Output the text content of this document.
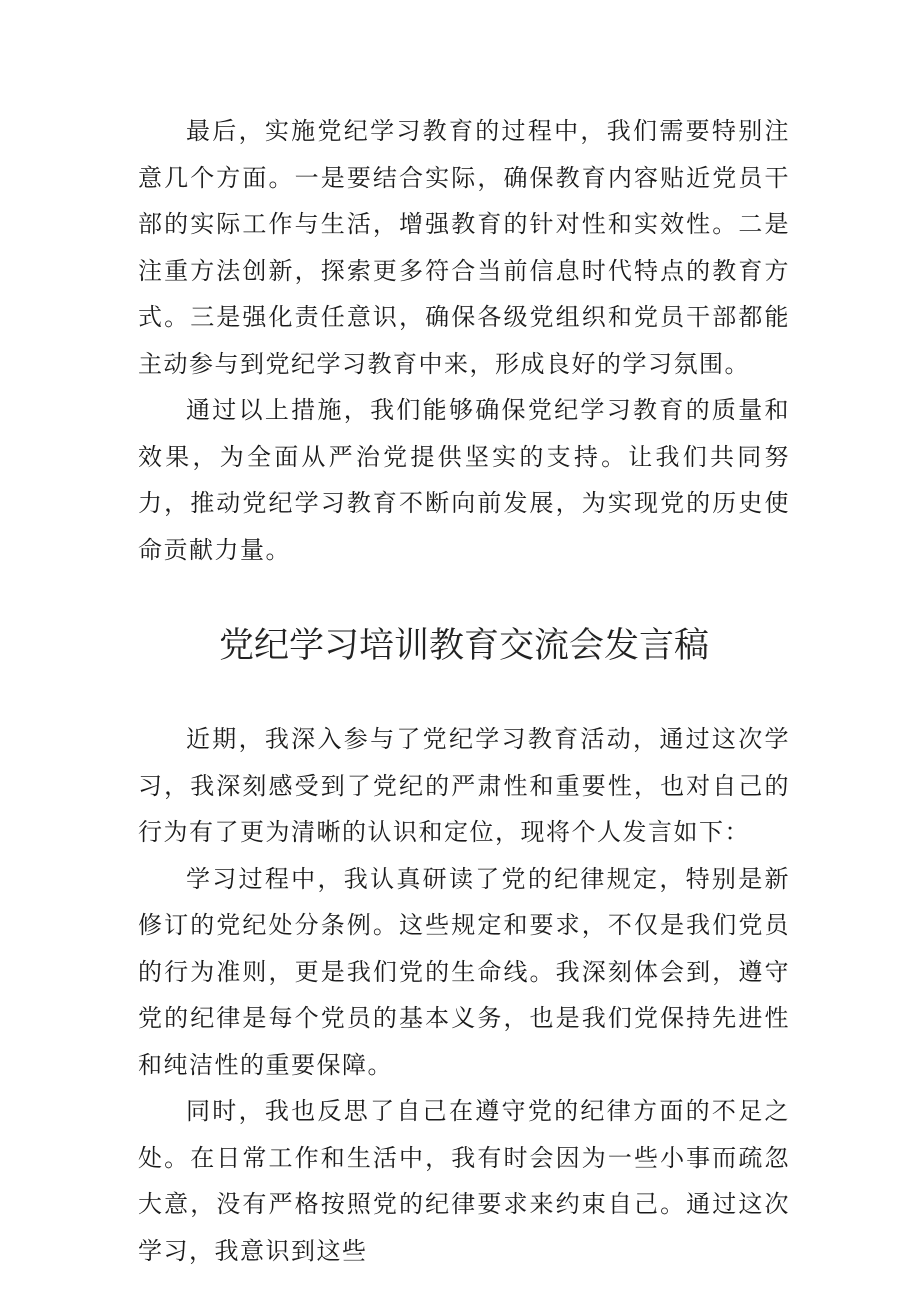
最后，实施党纪学习教育的过程中，我们需要特别注意几个方面。一是要结合实际，确保教育内容贴近党员干部的实际工作与生活，增强教育的针对性和实效性。二是注重方法创新，探索更多符合当前信息时代特点的教育方式。三是强化责任意识，确保各级党组织和党员干部都能主动参与到党纪学习教育中来，形成良好的学习氛围。

通过以上措施，我们能够确保党纪学习教育的质量和效果，为全面从严治党提供坚实的支持。让我们共同努力，推动党纪学习教育不断向前发展，为实现党的历史使命贡献力量。

党纪学习培训教育交流会发言稿

近期，我深入参与了党纪学习教育活动，通过这次学习，我深刻感受到了党纪的严肃性和重要性，也对自己的行为有了更为清晰的认识和定位，现将个人发言如下：

学习过程中，我认真研读了党的纪律规定，特别是新修订的党纪处分条例。这些规定和要求，不仅是我们党员的行为准则，更是我们党的生命线。我深刻体会到，遵守党的纪律是每个党员的基本义务，也是我们党保持先进性和纯洁性的重要保障。

同时，我也反思了自己在遵守党的纪律方面的不足之处。在日常工作和生活中，我有时会因为一些小事而疏忽大意，没有严格按照党的纪律要求来约束自己。通过这次学习，我意识到这些
